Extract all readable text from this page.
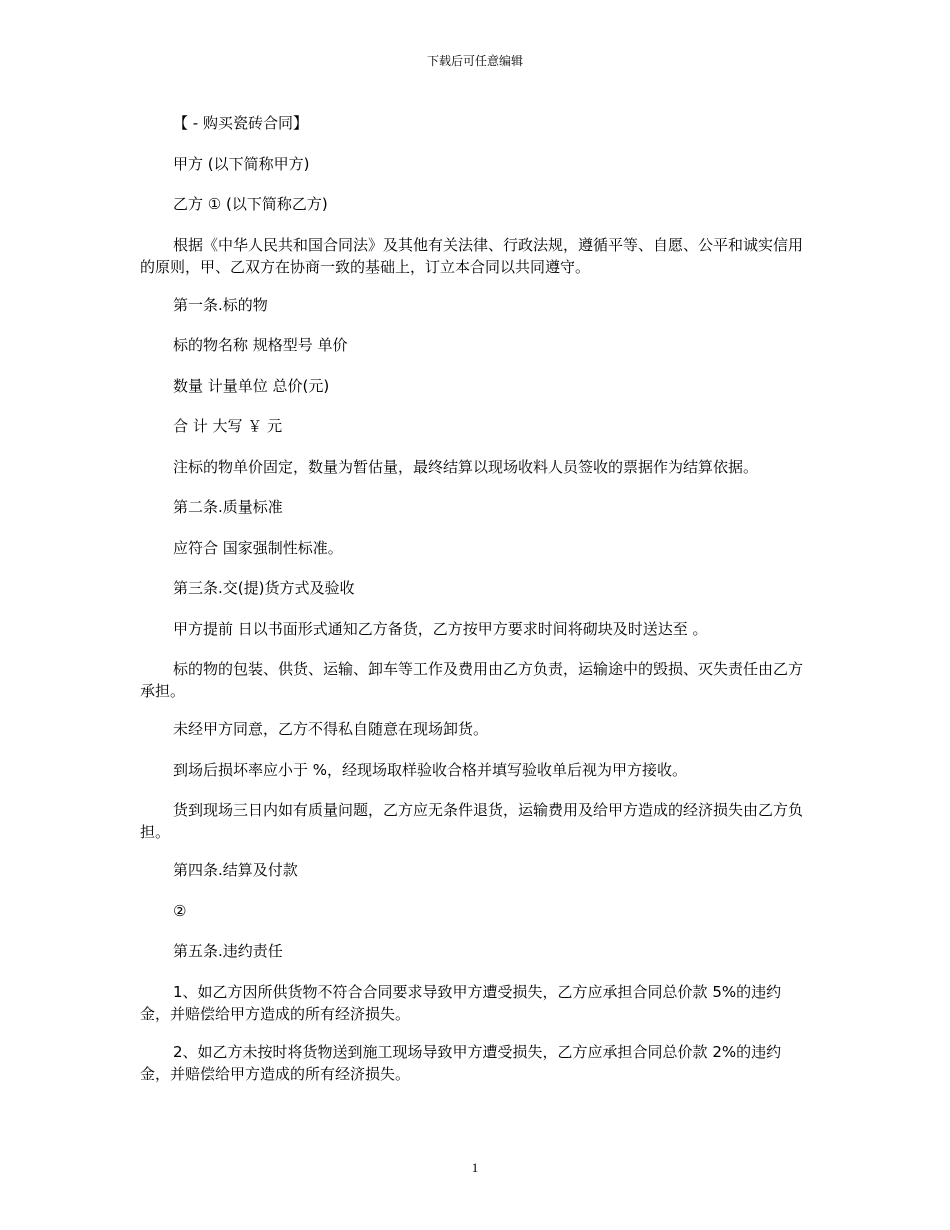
下载后可任意编辑

【 - 购买瓷砖合同】

甲方 (以下简称甲方)

乙方 ① (以下简称乙方)

根据《中华人民共和国合同法》及其他有关法律、行政法规，遵循平等、自愿、公平和诚实信用的原则，甲、乙双方在协商一致的基础上，订立本合同以共同遵守。

第一条.标的物

标的物名称 规格型号 单价

数量 计量单位 总价(元)

合 计 大写 ￥ 元

注标的物单价固定，数量为暂估量，最终结算以现场收料人员签收的票据作为结算依据。

第二条.质量标准

应符合 国家强制性标准。

第三条.交(提)货方式及验收

甲方提前 日以书面形式通知乙方备货，乙方按甲方要求时间将砌块及时送达至 。

标的物的包装、供货、运输、卸车等工作及费用由乙方负责，运输途中的毁损、灭失责任由乙方承担。

未经甲方同意，乙方不得私自随意在现场卸货。

到场后损坏率应小于 %，经现场取样验收合格并填写验收单后视为甲方接收。

货到现场三日内如有质量问题，乙方应无条件退货，运输费用及给甲方造成的经济损失由乙方负担。

第四条.结算及付款

②

第五条.违约责任

1、如乙方因所供货物不符合合同要求导致甲方遭受损失，乙方应承担合同总价款 5%的违约金，并赔偿给甲方造成的所有经济损失。

2、如乙方未按时将货物送到施工现场导致甲方遭受损失，乙方应承担合同总价款 2%的违约金，并赔偿给甲方造成的所有经济损失。

1
